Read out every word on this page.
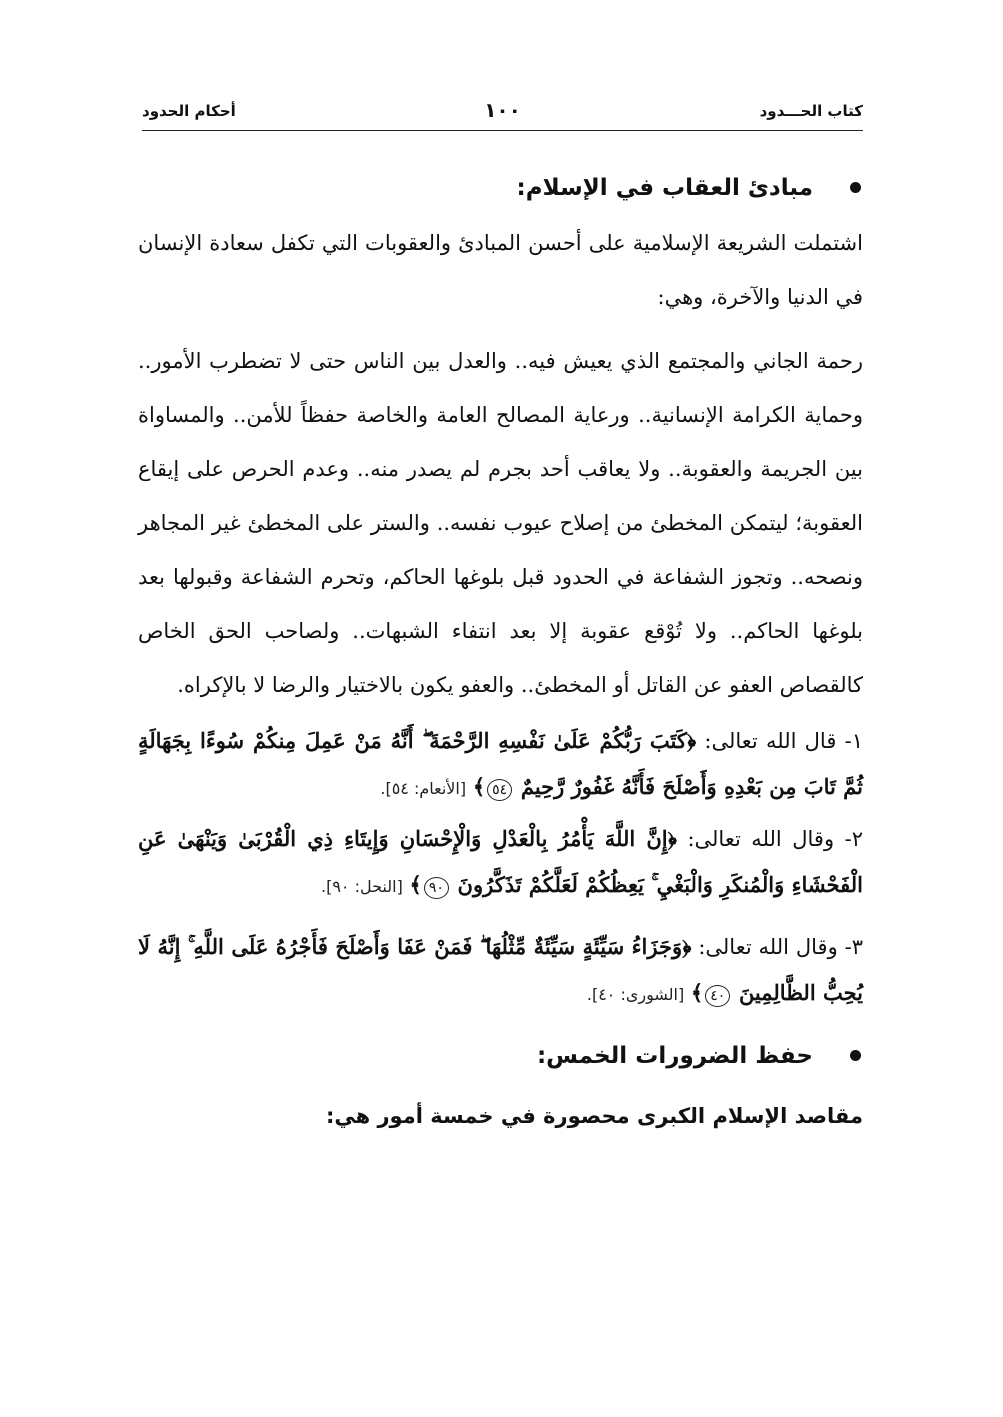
كتاب الحـــدود
١٠٠
أحكام الحدود
مبادئ العقاب في الإسلام:

اشتملت الشريعة الإسلامية على أحسن المبادئ والعقوبات التي تكفل سعادة الإنسان في الدنيا والآخرة، وهي:

رحمة الجاني والمجتمع الذي يعيش فيه.. والعدل بين الناس حتى لا تضطرب الأمور.. وحماية الكرامة الإنسانية.. ورعاية المصالح العامة والخاصة حفظاً للأمن.. والمساواة بين الجريمة والعقوبة.. ولا يعاقب أحد بجرم لم يصدر منه.. وعدم الحرص على إيقاع العقوبة؛ ليتمكن المخطئ من إصلاح عيوب نفسه.. والستر على المخطئ غير المجاهر ونصحه.. وتجوز الشفاعة في الحدود قبل بلوغها الحاكم، وتحرم الشفاعة وقبولها بعد بلوغها الحاكم.. ولا تُوْقع عقوبة إلا بعد انتفاء الشبهات.. ولصاحب الحق الخاص كالقصاص العفو عن القاتل أو المخطئ.. والعفو يكون بالاختيار والرضا لا بالإكراه.

١- قال الله تعالى: ﴿كَتَبَ رَبُّكُمْ عَلَىٰ نَفْسِهِ الرَّحْمَةَ ۖ أَنَّهُ مَنْ عَمِلَ مِنكُمْ سُوءًا بِجَهَالَةٍ ثُمَّ تَابَ مِن بَعْدِهِ وَأَصْلَحَ فَأَنَّهُ غَفُورٌ رَّحِيمٌ ٥٤﴾ [الأنعام: ٥٤].

٢- وقال الله تعالى: ﴿إِنَّ اللَّهَ يَأْمُرُ بِالْعَدْلِ وَالْإِحْسَانِ وَإِيتَاءِ ذِي الْقُرْبَىٰ وَيَنْهَىٰ عَنِ الْفَحْشَاءِ وَالْمُنكَرِ وَالْبَغْيِ ۚ يَعِظُكُمْ لَعَلَّكُمْ تَذَكَّرُونَ ٩٠﴾ [النحل: ٩٠].

٣- وقال الله تعالى: ﴿وَجَزَاءُ سَيِّئَةٍ سَيِّئَةٌ مِّثْلُهَا ۖ فَمَنْ عَفَا وَأَصْلَحَ فَأَجْرُهُ عَلَى اللَّهِ ۚ إِنَّهُ لَا يُحِبُّ الظَّالِمِينَ ٤٠﴾ [الشورى: ٤٠].

حفظ الضرورات الخمس:

مقاصد الإسلام الكبرى محصورة في خمسة أمور هي:
